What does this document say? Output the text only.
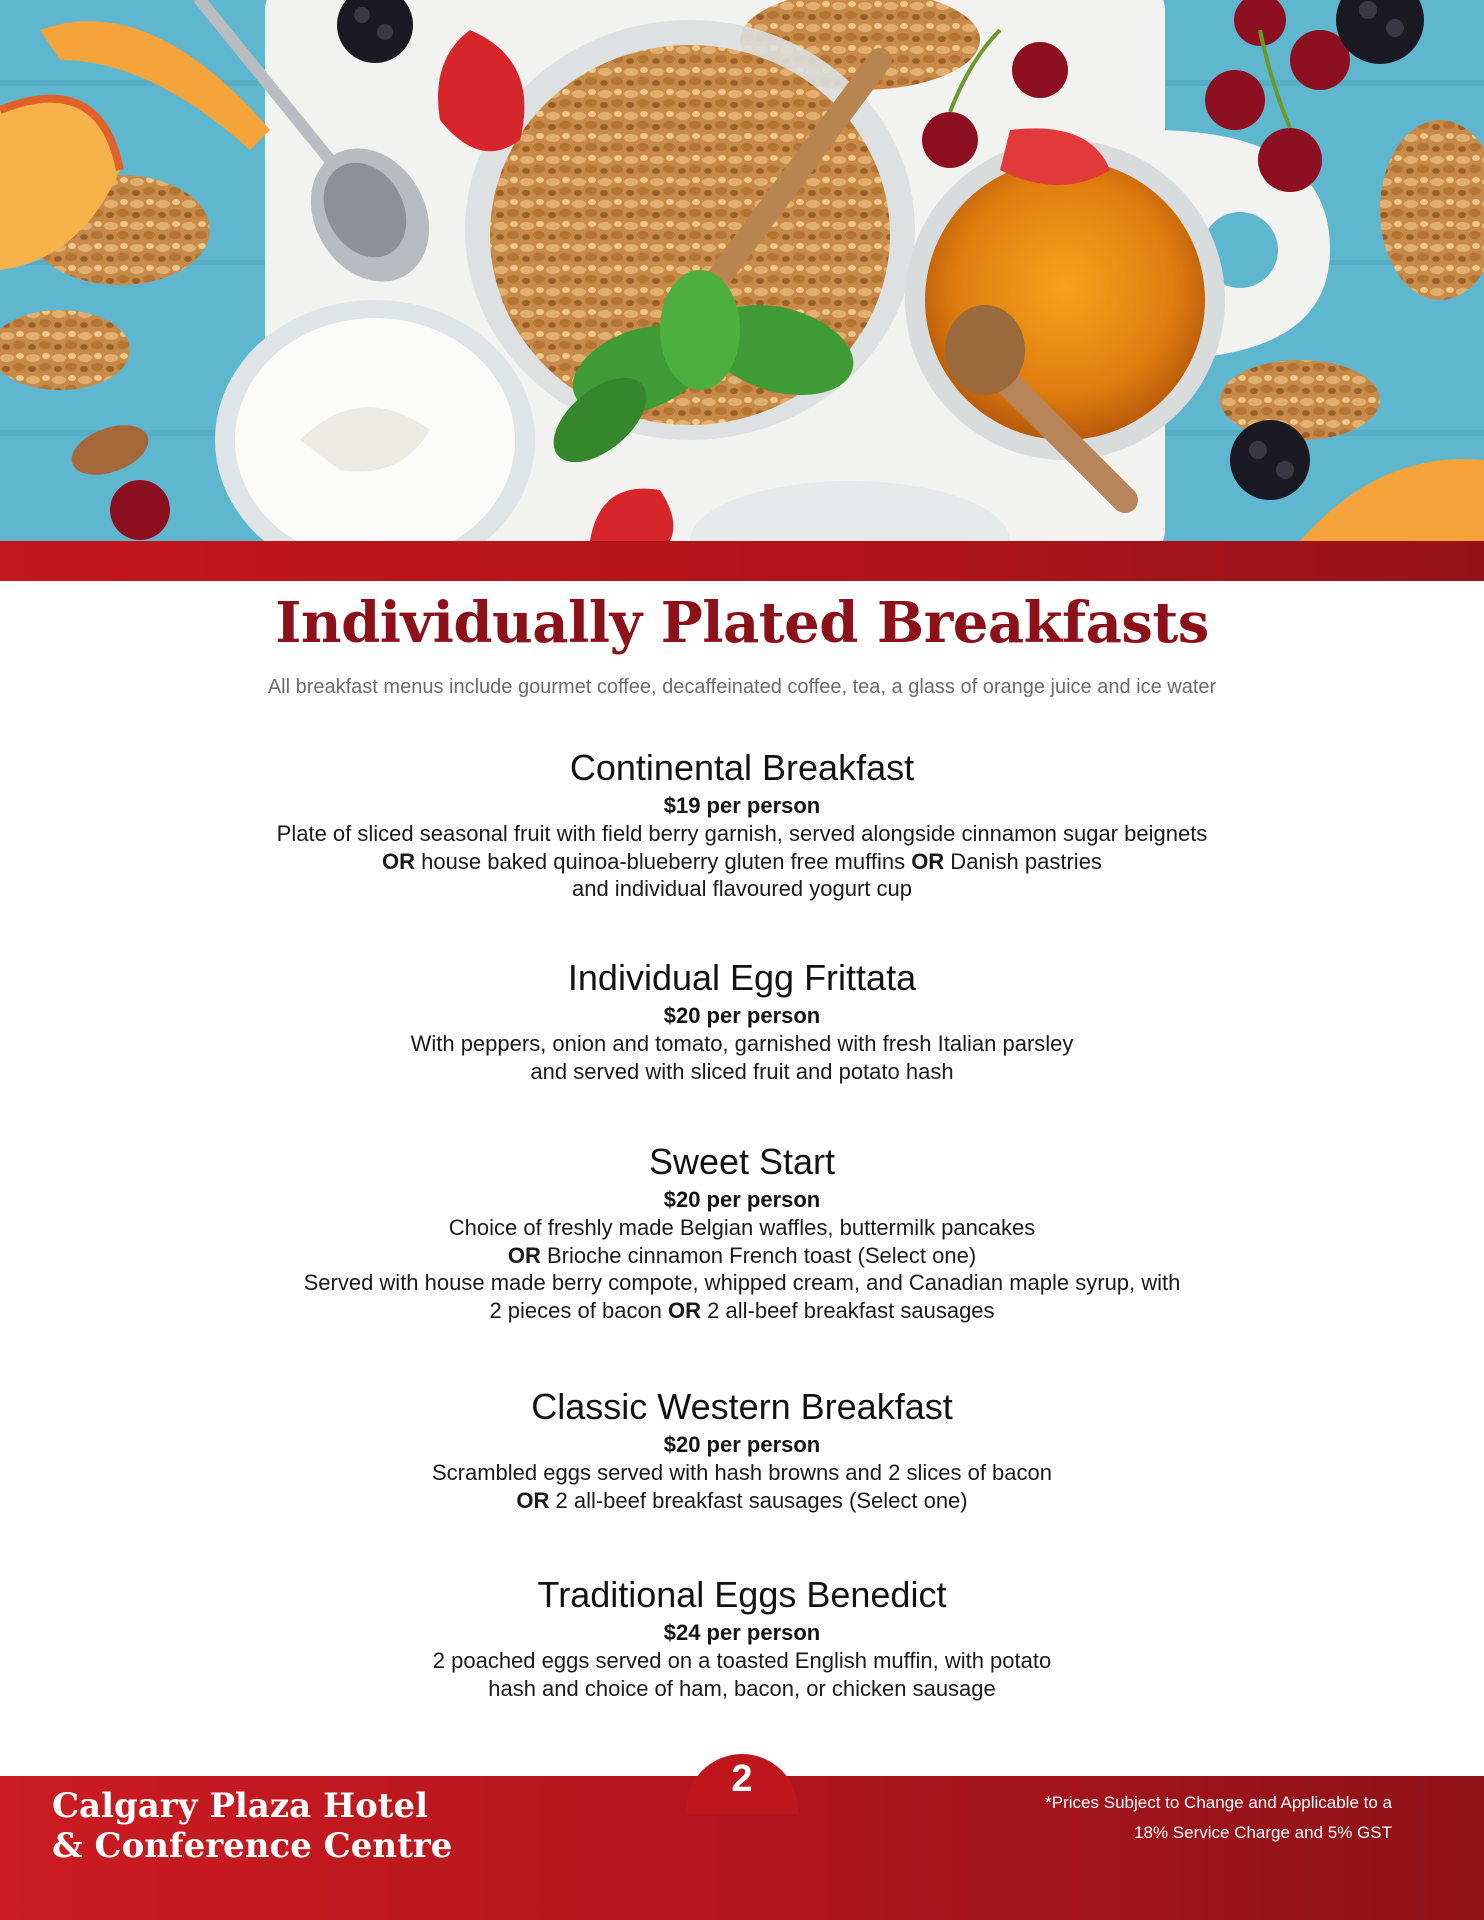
Individually Plated Breakfasts
All breakfast menus include gourmet coffee, decaffeinated coffee, tea, a glass of orange juice and ice water
Continental Breakfast
$19 per person
Plate of sliced seasonal fruit with field berry garnish, served alongside cinnamon sugar beignets
OR house baked quinoa-blueberry gluten free muffins OR Danish pastries
and individual flavoured yogurt cup
Individual Egg Frittata
$20 per person
With peppers, onion and tomato, garnished with fresh Italian parsley
and served with sliced fruit and potato hash
Sweet Start
$20 per person
Choice of freshly made Belgian waffles, buttermilk pancakes
OR Brioche cinnamon French toast (Select one)
Served with house made berry compote, whipped cream, and Canadian maple syrup, with
2 pieces of bacon OR 2 all-beef breakfast sausages
Classic Western Breakfast
$20 per person
Scrambled eggs served with hash browns and 2 slices of bacon
OR 2 all-beef breakfast sausages (Select one)
Traditional Eggs Benedict
$24 per person
2 poached eggs served on a toasted English muffin, with potato
hash and choice of ham, bacon, or chicken sausage
2
Calgary Plaza Hotel
& Conference Centre
*Prices Subject to Change and Applicable to a
18% Service Charge and 5% GST
